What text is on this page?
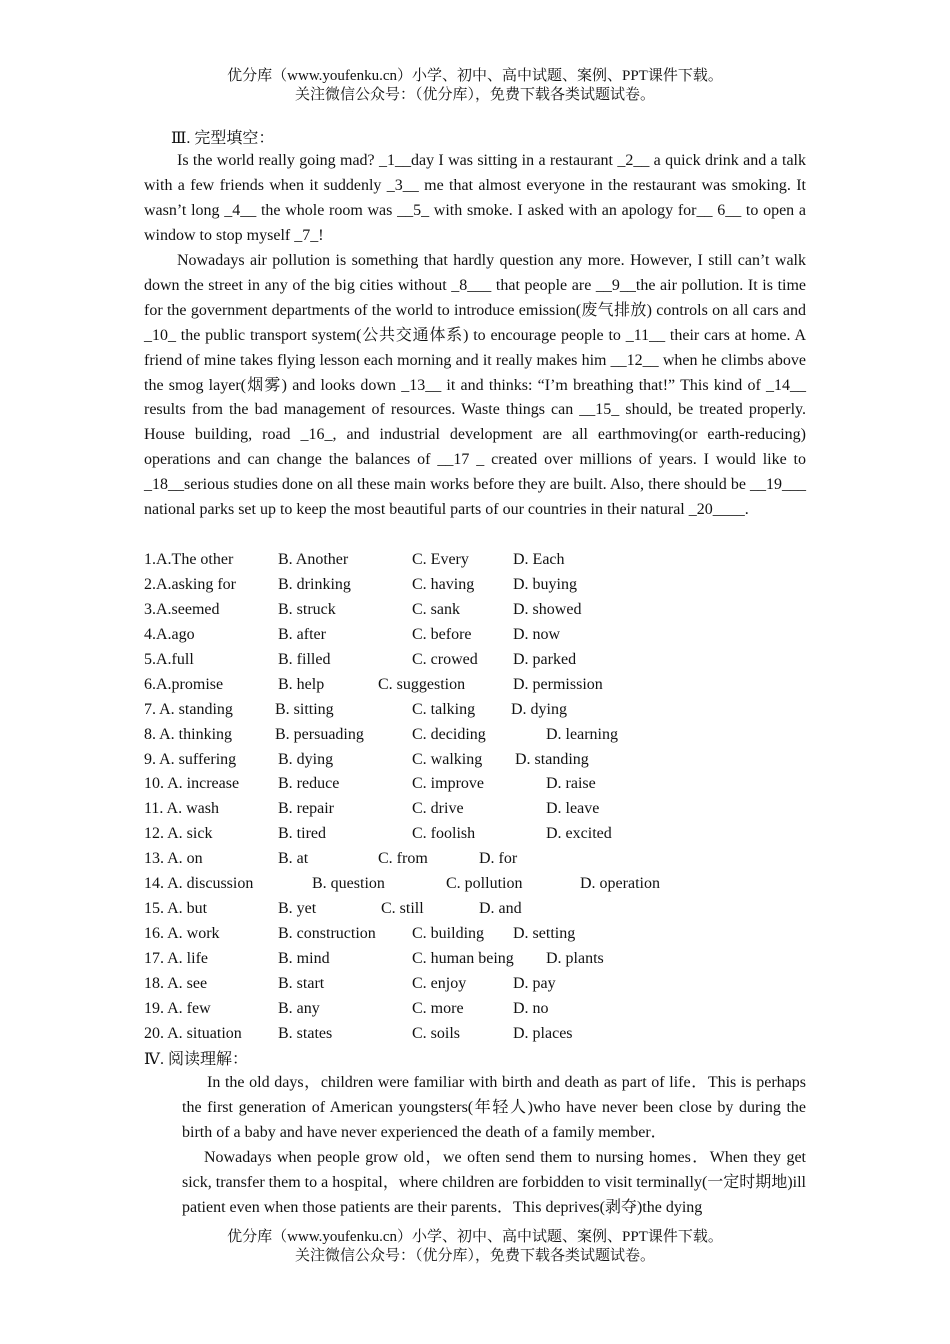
优分库（www.youfenku.cn）小学、初中、高中试题、案例、PPT课件下载。
关注微信公众号：（优分库），免费下载各类试题试卷。
Ⅲ. 完型填空：

Is the world really going mad? _1__day I was sitting in a restaurant _2__ a quick drink and a talk with a few friends when it suddenly _3__ me that almost everyone in the restaurant was smoking. It wasn’t long _4__ the whole room was __5_ with smoke. I asked with an apology for__ 6__ to open a window to stop myself _7_!

Nowadays air pollution is something that hardly question any more. However, I still can’t walk down the street in any of the big cities without _8___ that people are __9__the air pollution. It is time for the government departments of the world to introduce emission(废气排放) controls on all cars and _10_ the public transport system(公共交通体系) to encourage people to _11__ their cars at home. A friend of mine takes flying lesson each morning and it really makes him __12__ when he climbs above the smog layer(烟雾) and looks down _13__ it and thinks: “I’m breathing that!” This kind of _14__ results from the bad management of resources. Waste things can __15_ should, be treated properly. House building, road _16_, and industrial development are all earthmoving(or earth-reducing) operations and can change the balances of __17 _ created over millions of years. I would like to _18__serious studies done on all these main works before they are built. Also, there should be __19___ national parks set up to keep the most beautiful parts of our countries in their natural _20____.

1.A.The other	B. Another	C. Every	D. Each
2.A.asking for	B. drinking	C. having D. buying
3.A.seemed	B. struck	C. sank	D. showed
4.A.ago	B. after	C. before	D. now
5.A.full	B. filled	C. crowed D. parked
6.A.promise	B. help	C. suggestion	D. permission
7. A. standing	B. sitting	C. talking D. dying
8. A. thinking	B. persuading	C. deciding	D. learning
9. A. suffering	B. dying	C. walking D. standing
10. A. increase B. reduce	C. improve	D. raise
11. A. wash	B. repair	C. drive	D. leave
12. A. sick	B. tired	C. foolish	D. excited
13. A. on	B. at	C. from	D. for
14. A. discussion	B. question	C. pollution	D. operation
15. A. but	B. yet	C. still	D. and
16. A. work	B. construction C. building D. setting
17. A. life	B. mind	C. human being D. plants
18. A. see	B. start	C. enjoy	D. pay
19. A. few	B. any	C. more	D. no
20. A. situation B. states	C. soils	D. places
Ⅳ. 阅读理解：

In the old days，children were familiar with birth and death as part of life．This is perhaps the first generation of American youngsters(年轻人)who have never been close by during the birth of a baby and have never experienced the death of a family member．

Nowadays when people grow old，we often send them to nursing homes．When they get sick, transfer them to a hospital，where children are forbidden to visit terminally(一定时期地)ill patient even when those patients are their parents．This deprives(剥夺)the dying

优分库（www.youfenku.cn）小学、初中、高中试题、案例、PPT课件下载。
关注微信公众号：（优分库），免费下载各类试题试卷。
